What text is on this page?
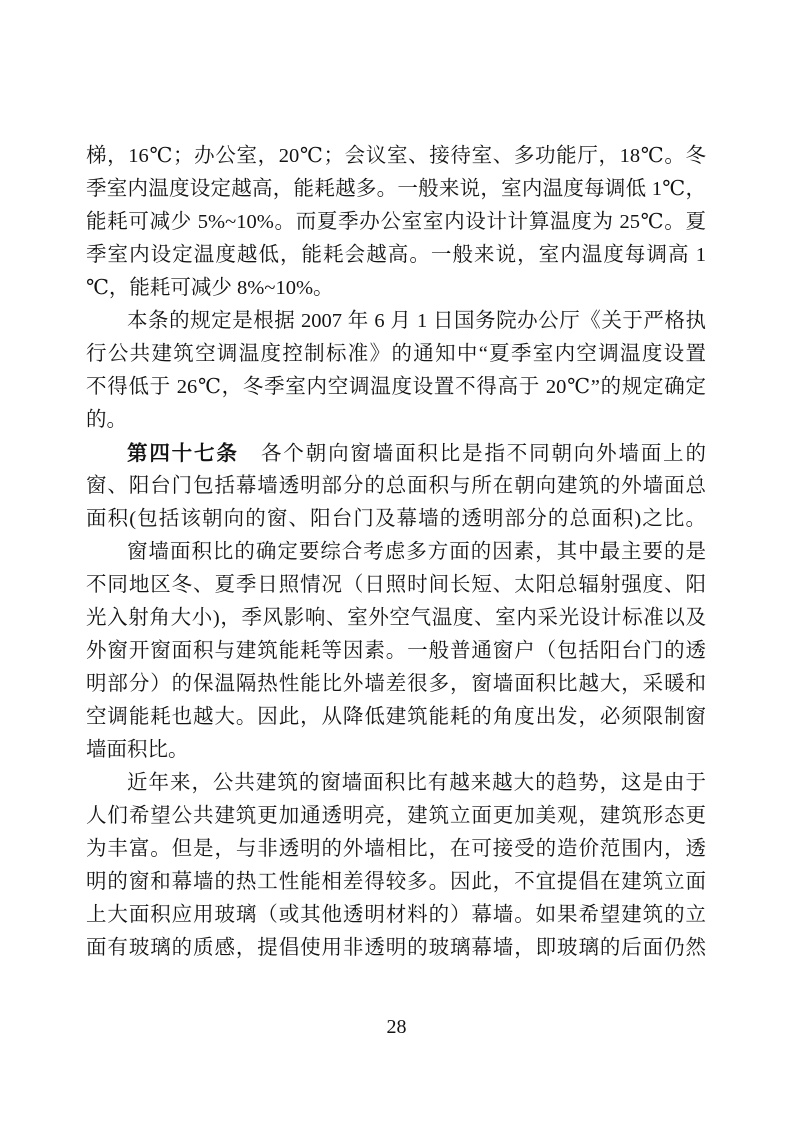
梯，16℃；办公室，20℃；会议室、接待室、多功能厅，18℃。冬
季室内温度设定越高，能耗越多。一般来说，室内温度每调低 1℃，
能耗可减少 5%~10%。而夏季办公室室内设计计算温度为 25℃。夏
季室内设定温度越低，能耗会越高。一般来说，室内温度每调高 1
℃，能耗可减少 8%~10%。
本条的规定是根据 2007 年 6 月 1 日国务院办公厅《关于严格执
行公共建筑空调温度控制标准》的通知中“夏季室内空调温度设置
不得低于 26℃，冬季室内空调温度设置不得高于 20℃”的规定确定
的。
第四十七条　各个朝向窗墙面积比是指不同朝向外墙面上的
窗、阳台门包括幕墙透明部分的总面积与所在朝向建筑的外墙面总
面积(包括该朝向的窗、阳台门及幕墙的透明部分的总面积)之比。
窗墙面积比的确定要综合考虑多方面的因素，其中最主要的是
不同地区冬、夏季日照情况（日照时间长短、太阳总辐射强度、阳
光入射角大小)，季风影响、室外空气温度、室内采光设计标准以及
外窗开窗面积与建筑能耗等因素。一般普通窗户（包括阳台门的透
明部分）的保温隔热性能比外墙差很多，窗墙面积比越大，采暖和
空调能耗也越大。因此，从降低建筑能耗的角度出发，必须限制窗
墙面积比。
近年来，公共建筑的窗墙面积比有越来越大的趋势，这是由于
人们希望公共建筑更加通透明亮，建筑立面更加美观，建筑形态更
为丰富。但是，与非透明的外墙相比，在可接受的造价范围内，透
明的窗和幕墙的热工性能相差得较多。因此，不宜提倡在建筑立面
上大面积应用玻璃（或其他透明材料的）幕墙。如果希望建筑的立
面有玻璃的质感，提倡使用非透明的玻璃幕墙，即玻璃的后面仍然
28
